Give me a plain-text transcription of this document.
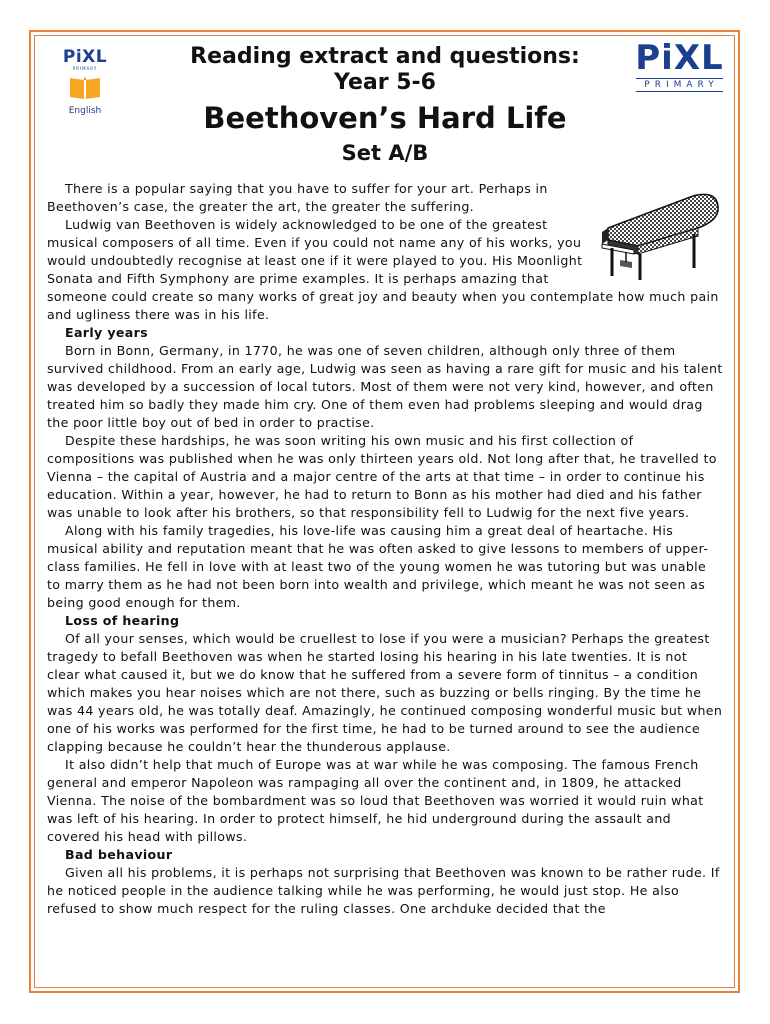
PiXL
PRIMARY
English
Reading extract and questions:
Year 5-6
Beethoven’s Hard Life
Set A/B
PiXL
PRIMARY

There is a popular saying that you have to suffer for your art. Perhaps in Beethoven’s case, the greater the art, the greater the suffering.

Ludwig van Beethoven is widely acknowledged to be one of the greatest musical composers of all time. Even if you could not name any of his works, you would undoubtedly recognise at least one if it were played to you. His Moonlight Sonata and Fifth Symphony are prime examples. It is perhaps amazing that someone could create so many works of great joy and beauty when you contemplate how much pain and ugliness there was in his life.

Early years

Born in Bonn, Germany, in 1770, he was one of seven children, although only three of them survived childhood. From an early age, Ludwig was seen as having a rare gift for music and his talent was developed by a succession of local tutors. Most of them were not very kind, however, and often treated him so badly they made him cry. One of them even had problems sleeping and would drag the poor little boy out of bed in order to practise.

Despite these hardships, he was soon writing his own music and his first collection of compositions was published when he was only thirteen years old. Not long after that, he travelled to Vienna – the capital of Austria and a major centre of the arts at that time – in order to continue his education. Within a year, however, he had to return to Bonn as his mother had died and his father was unable to look after his brothers, so that responsibility fell to Ludwig for the next five years.

Along with his family tragedies, his love-life was causing him a great deal of heartache. His musical ability and reputation meant that he was often asked to give lessons to members of upper-class families. He fell in love with at least two of the young women he was tutoring but was unable to marry them as he had not been born into wealth and privilege, which meant he was not seen as being good enough for them.

Loss of hearing

Of all your senses, which would be cruellest to lose if you were a musician? Perhaps the greatest tragedy to befall Beethoven was when he started losing his hearing in his late twenties. It is not clear what caused it, but we do know that he suffered from a severe form of tinnitus – a condition which makes you hear noises which are not there, such as buzzing or bells ringing. By the time he was 44 years old, he was totally deaf. Amazingly, he continued composing wonderful music but when one of his works was performed for the first time, he had to be turned around to see the audience clapping because he couldn’t hear the thunderous applause.

It also didn’t help that much of Europe was at war while he was composing. The famous French general and emperor Napoleon was rampaging all over the continent and, in 1809, he attacked Vienna. The noise of the bombardment was so loud that Beethoven was worried it would ruin what was left of his hearing. In order to protect himself, he hid underground during the assault and covered his head with pillows.

Bad behaviour

Given all his problems, it is perhaps not surprising that Beethoven was known to be rather rude. If he noticed people in the audience talking while he was performing, he would just stop. He also refused to show much respect for the ruling classes. One archduke decided that the
